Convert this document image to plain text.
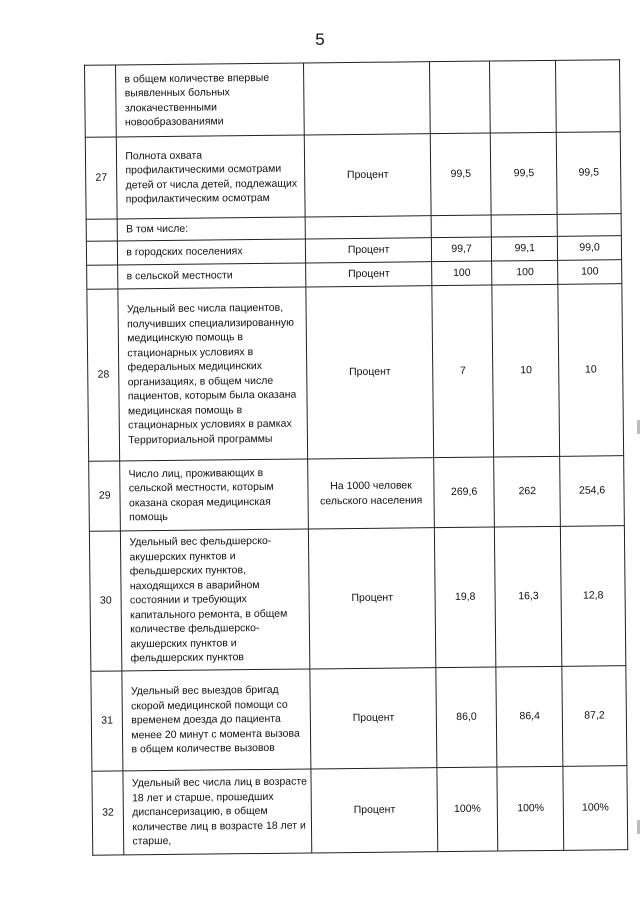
5
	в общем количестве впервые выявленных больных злокачественными новообразованиями				
27	Полнота охвата профилактическими осмотрами детей от числа детей, подлежащих профилактическим осмотрам	Процент	99,5	99,5	99,5
	В том числе:				
	в городских поселениях	Процент	99,7	99,1	99,0
	в сельской местности	Процент	100	100	100
28	Удельный вес числа пациентов, получивших специализированную медицинскую помощь в стационарных условиях в федеральных медицинских организациях, в общем числе пациентов, которым была оказана медицинская помощь в стационарных условиях в рамках Территориальной программы	Процент	7	10	10
29	Число лиц, проживающих в сельской местности, которым оказана скорая медицинская помощь	На 1000 человек сельского населения	269,6	262	254,6
30	Удельный вес фельдшерско-акушерских пунктов и фельдшерских пунктов, находящихся в аварийном состоянии и требующих капитального ремонта, в общем количестве фельдшерско-акушерских пунктов и фельдшерских пунктов	Процент	19,8	16,3	12,8
31	Удельный вес выездов бригад скорой медицинской помощи со временем доезда до пациента менее 20 минут с момента вызова в общем количестве вызовов	Процент	86,0	86,4	87,2
32	Удельный вес числа лиц в возрасте 18 лет и старше, прошедших диспансеризацию, в общем количестве лиц в возрасте 18 лет и старше,	Процент	100%	100%	100%
